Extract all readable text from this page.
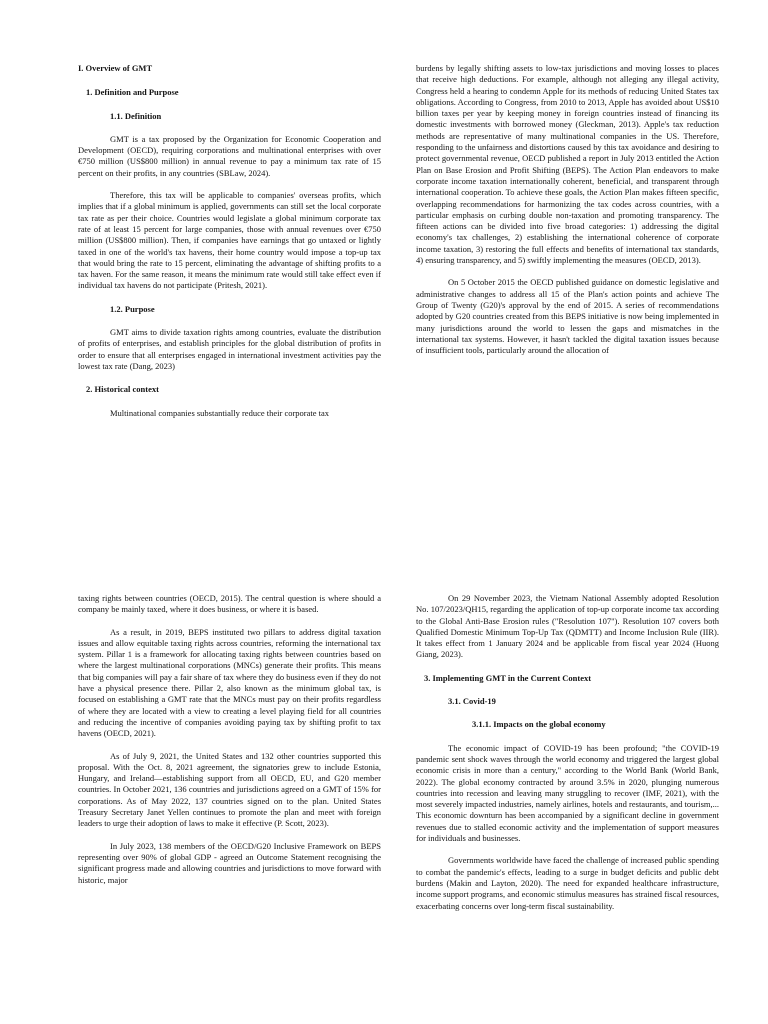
I. Overview of GMT
1. Definition and Purpose
1.1. Definition

GMT is a tax proposed by the Organization for Economic Cooperation and Development (OECD), requiring corporations and multinational enterprises with over €750 million (US$800 million) in annual revenue to pay a minimum tax rate of 15 percent on their profits, in any countries (SBLaw, 2024).

Therefore, this tax will be applicable to companies' overseas profits, which implies that if a global minimum is applied, governments can still set the local corporate tax rate as per their choice. Countries would legislate a global minimum corporate tax rate of at least 15 percent for large companies, those with annual revenues over €750 million (US$800 million). Then, if companies have earnings that go untaxed or lightly taxed in one of the world's tax havens, their home country would impose a top-up tax that would bring the rate to 15 percent, eliminating the advantage of shifting profits to a tax haven. For the same reason, it means the minimum rate would still take effect even if individual tax havens do not participate (Pritesh, 2021).

1.2. Purpose

GMT aims to divide taxation rights among countries, evaluate the distribution of profits of enterprises, and establish principles for the global distribution of profits in order to ensure that all enterprises engaged in international investment activities pay the lowest tax rate (Dang, 2023)

2. Historical context

Multinational companies substantially reduce their corporate tax

burdens by legally shifting assets to low-tax jurisdictions and moving losses to places that receive high deductions. For example, although not alleging any illegal activity, Congress held a hearing to condemn Apple for its methods of reducing United States tax obligations. According to Congress, from 2010 to 2013, Apple has avoided about US$10 billion taxes per year by keeping money in foreign countries instead of financing its domestic investments with borrowed money (Gleckman, 2013). Apple's tax reduction methods are representative of many multinational companies in the US. Therefore, responding to the unfairness and distortions caused by this tax avoidance and desiring to protect governmental revenue, OECD published a report in July 2013 entitled the Action Plan on Base Erosion and Profit Shifting (BEPS). The Action Plan endeavors to make corporate income taxation internationally coherent, beneficial, and transparent through international cooperation. To achieve these goals, the Action Plan makes fifteen specific, overlapping recommendations for harmonizing the tax codes across countries, with a particular emphasis on curbing double non-taxation and promoting transparency. The fifteen actions can be divided into five broad categories: 1) addressing the digital economy's tax challenges, 2) establishing the international coherence of corporate income taxation, 3) restoring the full effects and benefits of international tax standards, 4) ensuring transparency, and 5) swiftly implementing the measures (OECD, 2013).

On 5 October 2015 the OECD published guidance on domestic legislative and administrative changes to address all 15 of the Plan's action points and achieve The Group of Twenty (G20)'s approval by the end of 2015. A series of recommendations adopted by G20 countries created from this BEPS initiative is now being implemented in many jurisdictions around the world to lessen the gaps and mismatches in the international tax systems. However, it hasn't tackled the digital taxation issues because of insufficient tools, particularly around the allocation of

taxing rights between countries (OECD, 2015). The central question is where should a company be mainly taxed, where it does business, or where it is based.

As a result, in 2019, BEPS instituted two pillars to address digital taxation issues and allow equitable taxing rights across countries, reforming the international tax system. Pillar 1 is a framework for allocating taxing rights between countries based on where the largest multinational corporations (MNCs) generate their profits. This means that big companies will pay a fair share of tax where they do business even if they do not have a physical presence there. Pillar 2, also known as the minimum global tax, is focused on establishing a GMT rate that the MNCs must pay on their profits regardless of where they are located with a view to creating a level playing field for all countries and reducing the incentive of companies avoiding paying tax by shifting profit to tax havens (OECD, 2021).

As of July 9, 2021, the United States and 132 other countries supported this proposal. With the Oct. 8, 2021 agreement, the signatories grew to include Estonia, Hungary, and Ireland—establishing support from all OECD, EU, and G20 member countries. In October 2021, 136 countries and jurisdictions agreed on a GMT of 15% for corporations. As of May 2022, 137 countries signed on to the plan. United States Treasury Secretary Janet Yellen continues to promote the plan and meet with foreign leaders to urge their adoption of laws to make it effective (P. Scott, 2023).

In July 2023, 138 members of the OECD/G20 Inclusive Framework on BEPS representing over 90% of global GDP - agreed an Outcome Statement recognising the significant progress made and allowing countries and jurisdictions to move forward with historic, major

On 29 November 2023, the Vietnam National Assembly adopted Resolution No. 107/2023/QH15, regarding the application of top-up corporate income tax according to the Global Anti-Base Erosion rules ("Resolution 107"). Resolution 107 covers both Qualified Domestic Minimum Top-Up Tax (QDMTT) and Income Inclusion Rule (IIR). It takes effect from 1 January 2024 and be applicable from fiscal year 2024 (Huong Giang, 2023).

3. Implementing GMT in the Current Context
3.1. Covid-19
3.1.1. Impacts on the global economy

The economic impact of COVID-19 has been profound; "the COVID-19 pandemic sent shock waves through the world economy and triggered the largest global economic crisis in more than a century," according to the World Bank (World Bank, 2022). The global economy contracted by around 3.5% in 2020, plunging numerous countries into recession and leaving many struggling to recover (IMF, 2021), with the most severely impacted industries, namely airlines, hotels and restaurants, and tourism,... This economic downturn has been accompanied by a significant decline in government revenues due to stalled economic activity and the implementation of support measures for individuals and businesses.

Governments worldwide have faced the challenge of increased public spending to combat the pandemic's effects, leading to a surge in budget deficits and public debt burdens (Makin and Layton, 2020). The need for expanded healthcare infrastructure, income support programs, and economic stimulus measures has strained fiscal resources, exacerbating concerns over long-term fiscal sustainability.
